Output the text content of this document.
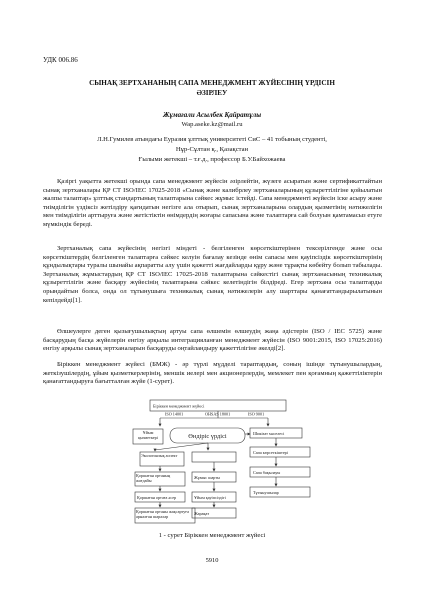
УДК 006.86

СЫНАҚ ЗЕРТХАНАНЫҢ САПА МЕНЕДЖМЕНТ ЖҮЙЕСІНІҢ ҮРДІСІН

ӘЗІРЛЕУ

Жұмағали Асылбек Қайратұлы

Wap.aseke.kz@mail.ru

Л.Н.Гумилев атындағы Еуразия ұлттық университеті СиС – 41 тобының студенті,

Нұр-Сұлтан қ., Қазақстан

Ғылыми жетекшi – т.ғ.д., профессор Б.У.Байхожаева

Қазіргі уақытта жетекші орында сапа менеджмент жүйесін әзірлейтін, жүзеге асыратын және сертификаттайтын сынақ зертханалары ҚР СТ ISO/IEC 17025-2018 «Сынақ және калибрлеу зертханаларының құзыреттілігіне қойылатын жалпы талаптар» ұлттық стандартының талаптарына сәйкес жұмыс істейді. Сапа менеджменті жүйесін іске асыру және тиімділігін үздіксіз жетілдіру қағидатын негізге ала отырып, сынақ зертханаларына олардың қызметінің нәтижелігін мен тиімділігін арттыруға және жетістіктін өнімдердің жоғары сапасына және талаптарға сай болуын қамтамасыз етуге мүмкіндік береді.

Зертханалық сапа жүйесінің негізгі міндеті - белгіленген көрсеткіштерінен тексерілгенде және осы көрсеткіштердің белгіленген талаптарға сәйкес келуін бағалау кезінде өнім сапасы мен қауіпсіздік көрсеткіштерінің құндылықтары туралы шынайы ақпаратты алу үшін қажетті жағдайларды құру және тұрақты көбейту болып табылады. Зертханалық жұмыстардың ҚР СТ ISO/IEC 17025-2018 талаптарына сәйкестігі сынақ зертханасының техникалық құзыреттілігін және басқару жүйесінің талаптарына сәйкес келетіндігін білдіреді. Егер зертхана осы талаптарды орындайтын болса, онда ол тұтынушыға техникалық сынақ нәтижелерін алу шарттары қанағаттандырылатынын кепілдейді[1].

Өлшеулерге деген қызығушылықтың артуы сапа өлшемін өлшеудің жаңа әдістерін (ISO / IEC 5725) және басқарудың басқа жүйелерін енгізу арқылы интеграцияланған менеджмент жүйесін (ISO 9001:2015, ISO 17025:2016) енгізу арқылы сынақ зертханаларын басқаруды оңтайландыру қажеттілігіне әкелді[2].

Біріккен менеджмент жүйесі (БМЖ) - әр түрлі мүдделі тараптардың, соның ішінде тұтынушылардың, жеткізушілердің, ұйым қызметкерлерінің, меншік иелері мен акционерлердің, мемлекет пен қоғамның қажеттіліктерін қанағаттандыруға бағытталған жүйе (1-сурет).

Біріккен менеджмент жүйесі
ISO 14001	OHSAS 18001	ISO 9001
Өндіріс үрдісі	Шикізат мәселесі
Сапа көрсеткіштері
Сапа бақылауы
Тұтынушылар
Ұйым қызметкері
Экологиялық аспект
Қоршаған ортаның жағдайы
Қоршаған ортаға әсер
Қоршаған ортаны жақсартуға арналған шаралар
Жұмыс шарты
Ұйым қауіпсіздігі
Жарақат

1 - сурет Біріккен менеджмент жүйесі

5910
